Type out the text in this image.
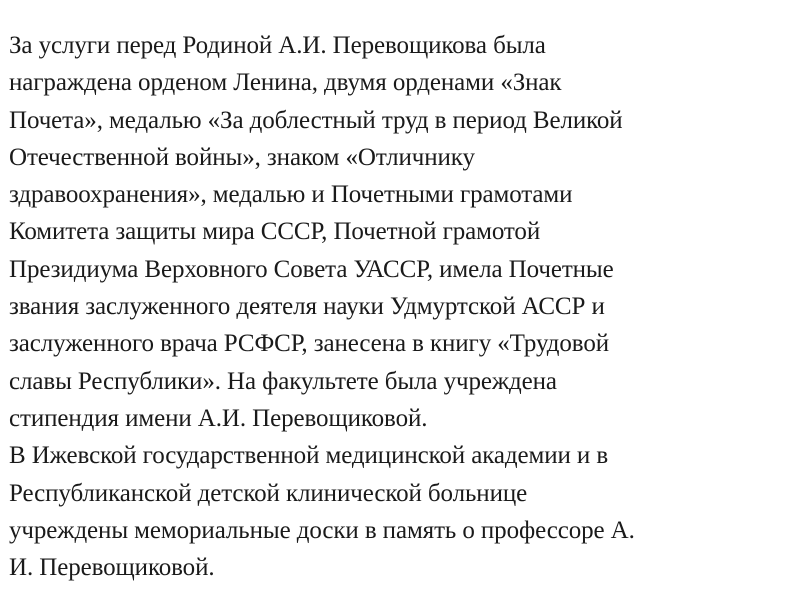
За услуги перед Родиной А.И. Перевощикова была
награждена орденом Ленина, двумя орденами «Знак
Почета», медалью «За доблестный труд в период Великой
Отечественной войны», знаком «Отличнику
здравоохранения», медалью и Почетными грамотами
Комитета защиты мира СССР, Почетной грамотой
Президиума Верховного Совета УАССР, имела Почетные
звания заслуженного деятеля науки Удмуртской АССР и
заслуженного врача РСФСР, занесена в книгу «Трудовой
славы Республики». На факультете была учреждена
стипендия имени А.И. Перевощиковой.
В Ижевской государственной медицинской академии и в
Республиканской детской клинической больнице
учреждены мемориальные доски в память о профессоре А.
И. Перевощиковой.
